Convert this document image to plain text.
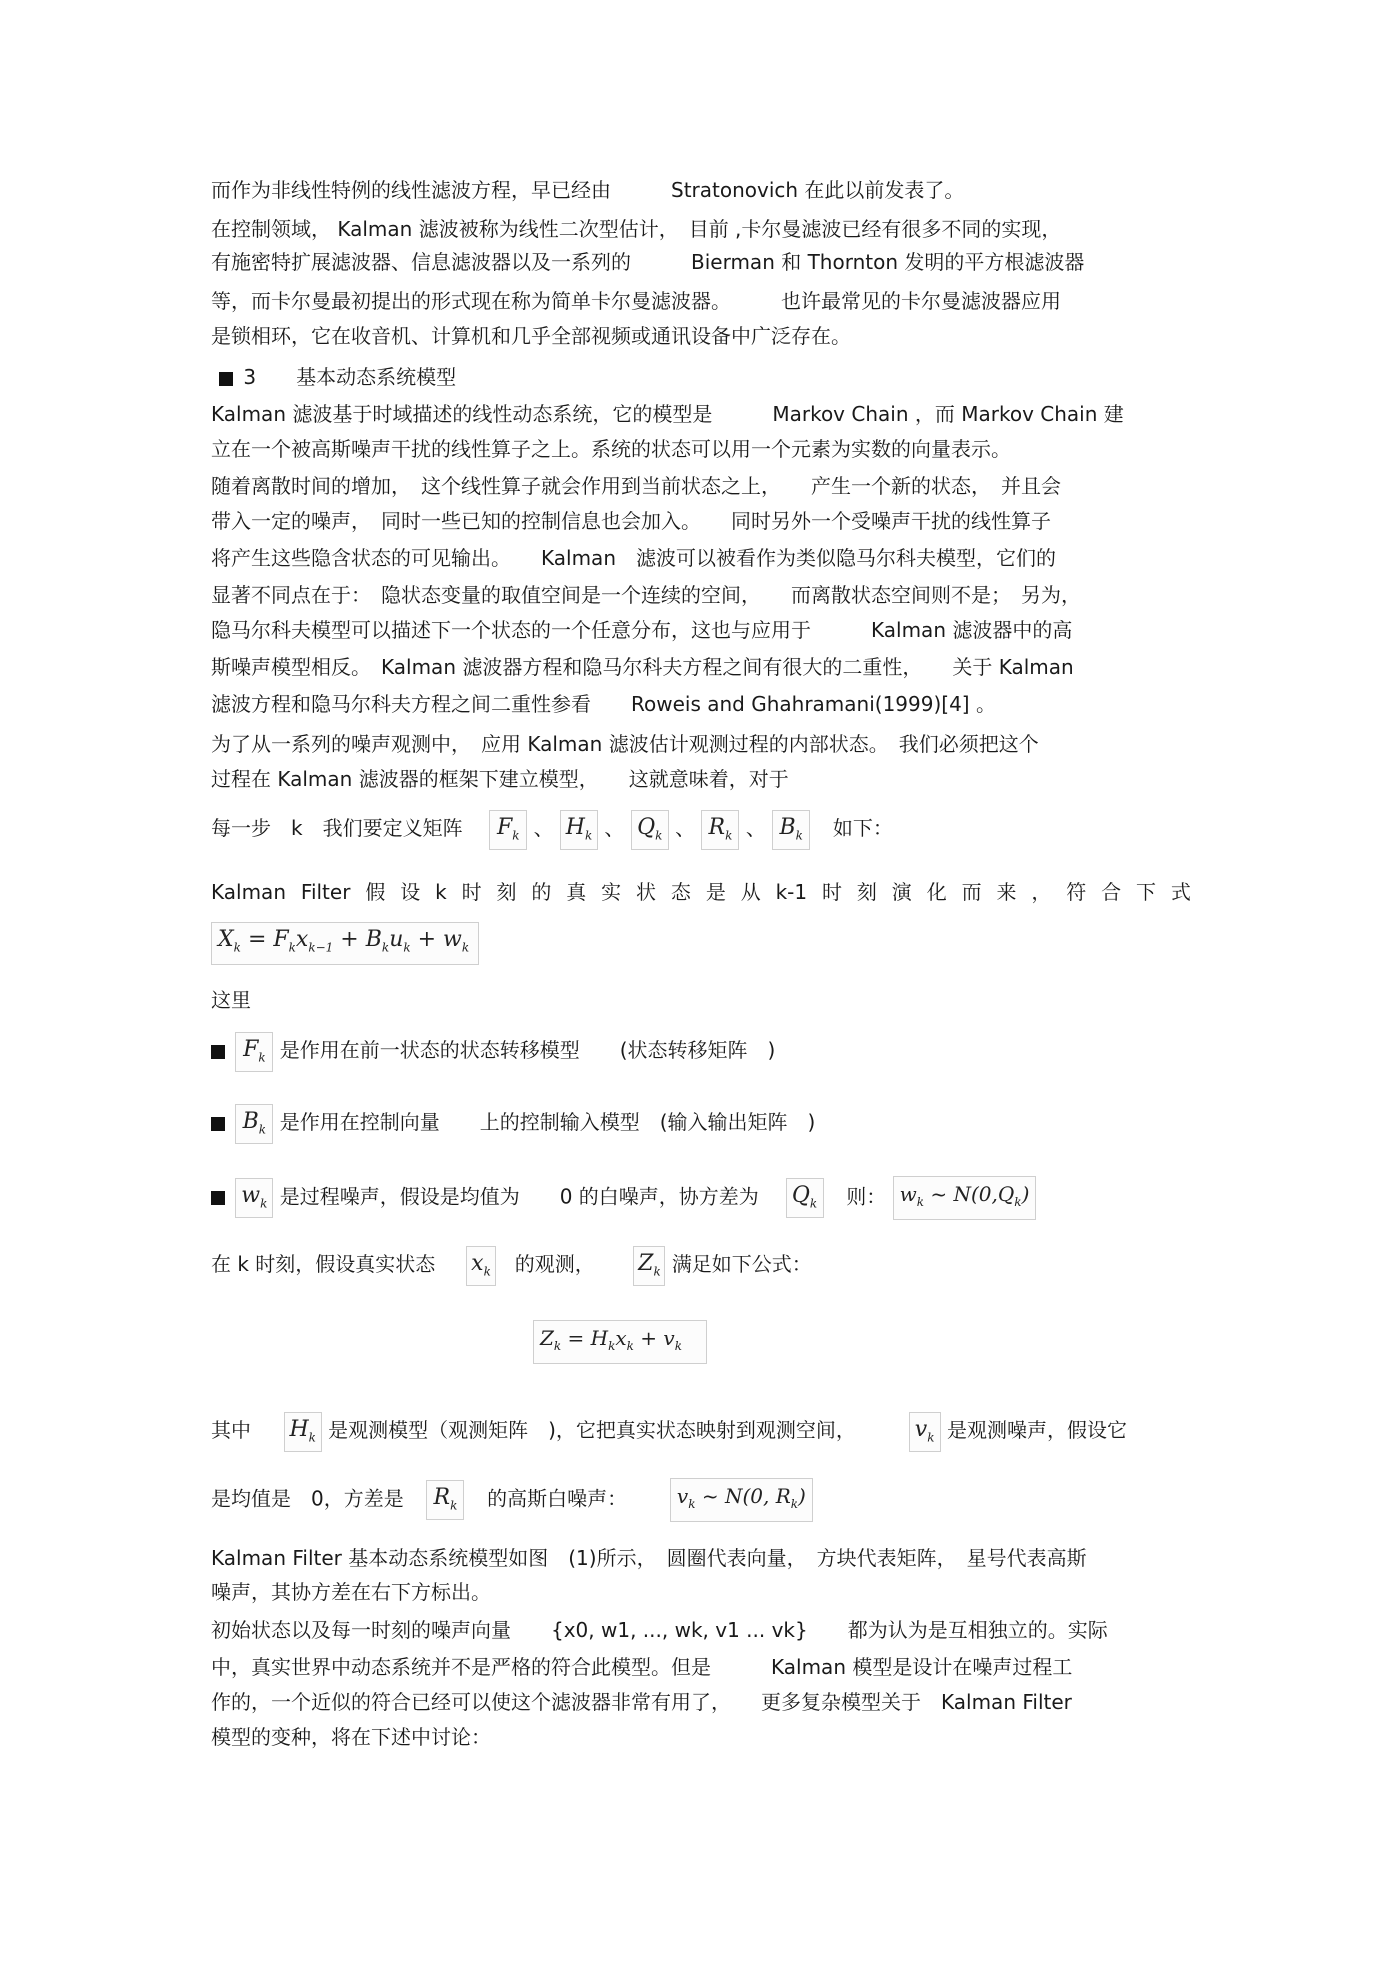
而作为非线性特例的线性滤波方程，早已经由　　　Stratonovich 在此以前发表了。
在控制领域， Kalman 滤波被称为线性二次型估计，　目前 ,卡尔曼滤波已经有很多不同的实现，
有施密特扩展滤波器、信息滤波器以及一系列的　　　Bierman 和 Thornton 发明的平方根滤波器
等，而卡尔曼最初提出的形式现在称为简单卡尔曼滤波器。　　　也许最常见的卡尔曼滤波器应用
是锁相环，它在收音机、计算机和几乎全部视频或通讯设备中广泛存在。
3　　基本动态系统模型
Kalman 滤波基于时域描述的线性动态系统，它的模型是　　　Markov Chain ，而 Markov Chain 建
立在一个被高斯噪声干扰的线性算子之上。系统的状态可以用一个元素为实数的向量表示。
随着离散时间的增加，　这个线性算子就会作用到当前状态之上，　　产生一个新的状态，　并且会
带入一定的噪声，　同时一些已知的控制信息也会加入。　　同时另外一个受噪声干扰的线性算子
将产生这些隐含状态的可见输出。　　Kalman　滤波可以被看作为类似隐马尔科夫模型，它们的
显著不同点在于：　隐状态变量的取值空间是一个连续的空间，　　而离散状态空间则不是；　另为，
隐马尔科夫模型可以描述下一个状态的一个任意分布，这也与应用于　　　Kalman 滤波器中的高
斯噪声模型相反。　Kalman 滤波器方程和隐马尔科夫方程之间有很大的二重性，　　关于 Kalman
滤波方程和隐马尔科夫方程之间二重性参看　　Roweis and Ghahramani(1999)[4] 。
为了从一系列的噪声观测中，　应用 Kalman 滤波估计观测过程的内部状态。　我们必须把这个
过程在 Kalman 滤波器的框架下建立模型，　　这就意味着，对于
每一步　k　我们要定义矩阵 $F_k$ 、 $H_k$ 、 $Q_k$ 、 $R_k$ 、 $B_k$ 如下：
Kalman Filter 假 设 k 时 刻 的 真 实 状 态 是 从 k-1 时 刻 演 化 而 来 ， 符 合 下 式
$X_k = F_kx_{k-1} + B_ku_k + w_k$
这里
$F_k$ 是作用在前一状态的状态转移模型　　(状态转移矩阵　)
$B_k$ 是作用在控制向量　　上的控制输入模型　(输入输出矩阵　)
$w_k$ 是过程噪声，假设是均值为　　0 的白噪声，协方差为 $Q_k$ 则： $w_k$ ~ $N(0,Q_k)$
在 k 时刻，假设真实状态 $x_k$ 的观测， $Z_k$ 满足如下公式：
$Z_k = H_kx_k + v_k$
其中 $H_k$ 是观测模型（观测矩阵　)，它把真实状态映射到观测空间，	$v_k$ 是观测噪声，假设它
是均值是　0，方差是 $R_k$ 的高斯白噪声： $v_k$ ~ N(0, $R_k$)
Kalman Filter 基本动态系统模型如图　(1)所示，　圆圈代表向量，　方块代表矩阵，　星号代表高斯
噪声，其协方差在右下方标出。
初始状态以及每一时刻的噪声向量　　{x0, w1, ..., wk, v1 ... vk}　　都为认为是互相独立的。实际
中，真实世界中动态系统并不是严格的符合此模型。但是　　　Kalman 模型是设计在噪声过程工
作的，一个近似的符合已经可以使这个滤波器非常有用了，　　更多复杂模型关于　Kalman Filter
模型的变种，将在下述中讨论：
